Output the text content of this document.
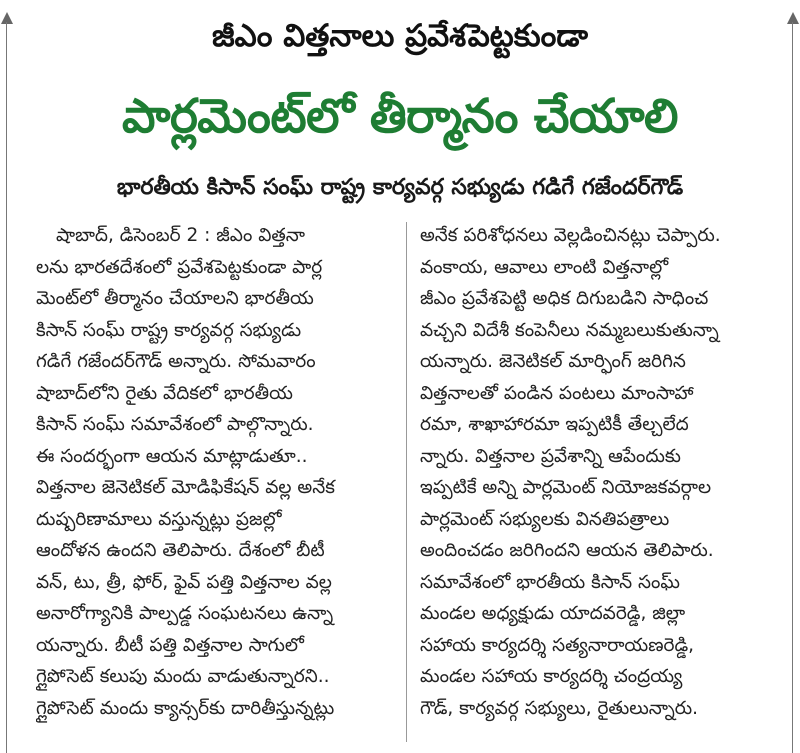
జీఎం విత్తనాలు ప్రవేశపెట్టకుండా
పార్లమెంట్‌లో తీర్మానం చేయాలి
భారతీయ కిసాన్ సంఘ్ రాష్ట్ర కార్యవర్గ సభ్యుడు గడిగే గజేందర్‌గౌడ్
షాబాద్, డిసెంబర్ 2 : జీఎం విత్తనా
లను భారతదేశంలో ప్రవేశపెట్టకుండా పార్ల
మెంట్‌లో తీర్మానం చేయాలని భారతీయ
కిసాన్ సంఘ్ రాష్ట్ర కార్యవర్గ సభ్యుడు
గడిగే గజేందర్‌గౌడ్ అన్నారు. సోమవారం
షాబాద్‌లోని రైతు వేదికలో భారతీయ
కిసాన్ సంఘ్ సమావేశంలో పాల్గొన్నారు.
ఈ సందర్భంగా ఆయన మాట్లాడుతూ..
విత్తనాల జెనెటికల్ మోడిఫికేషన్ వల్ల అనేక
దుష్పరిణామాలు వస్తున్నట్లు ప్రజల్లో
ఆందోళన ఉందని తెలిపారు. దేశంలో బీటీ
వన్, టు, త్రీ, ఫోర్, ఫైవ్ పత్తి విత్తనాల వల్ల
అనారోగ్యానికి పాల్పడ్డ సంఘటనలు ఉన్నా
యన్నారు. బీటీ పత్తి విత్తనాల సాగులో
గ్లైపోసెట్ కలుపు మందు వాడుతున్నారని..
గ్లైపోసెట్ మందు క్యాన్సర్‌కు దారితీస్తున్నట్లు
అనేక పరిశోధనలు వెల్లడించినట్లు చెప్పారు.
వంకాయ, ఆవాలు లాంటి విత్తనాల్లో
జీఎం ప్రవేశపెట్టి అధిక దిగుబడిని సాధించ
వచ్చని విదేశీ కంపెనీలు నమ్మబలుకుతున్నా
యన్నారు. జెనెటికల్ మార్ఫింగ్ జరిగిన
విత్తనాలతో పండిన పంటలు మాంసాహా
రమా, శాఖాహారమా ఇప్పటికీ తేల్చలేద
న్నారు. విత్తనాల ప్రవేశాన్ని ఆపేందుకు
ఇప్పటికే అన్ని పార్లమెంట్ నియోజకవర్గాల
పార్లమెంట్ సభ్యులకు వినతిపత్రాలు
అందించడం జరిగిందని ఆయన తెలిపారు.
సమావేశంలో భారతీయ కిసాన్ సంఘ్
మండల అధ్యక్షుడు యాదవరెడ్డి, జిల్లా
సహాయ కార్యదర్శి సత్యనారాయణరెడ్డి,
మండల సహాయ కార్యదర్శి చంద్రయ్య
గౌడ్, కార్యవర్గ సభ్యులు, రైతులున్నారు.
